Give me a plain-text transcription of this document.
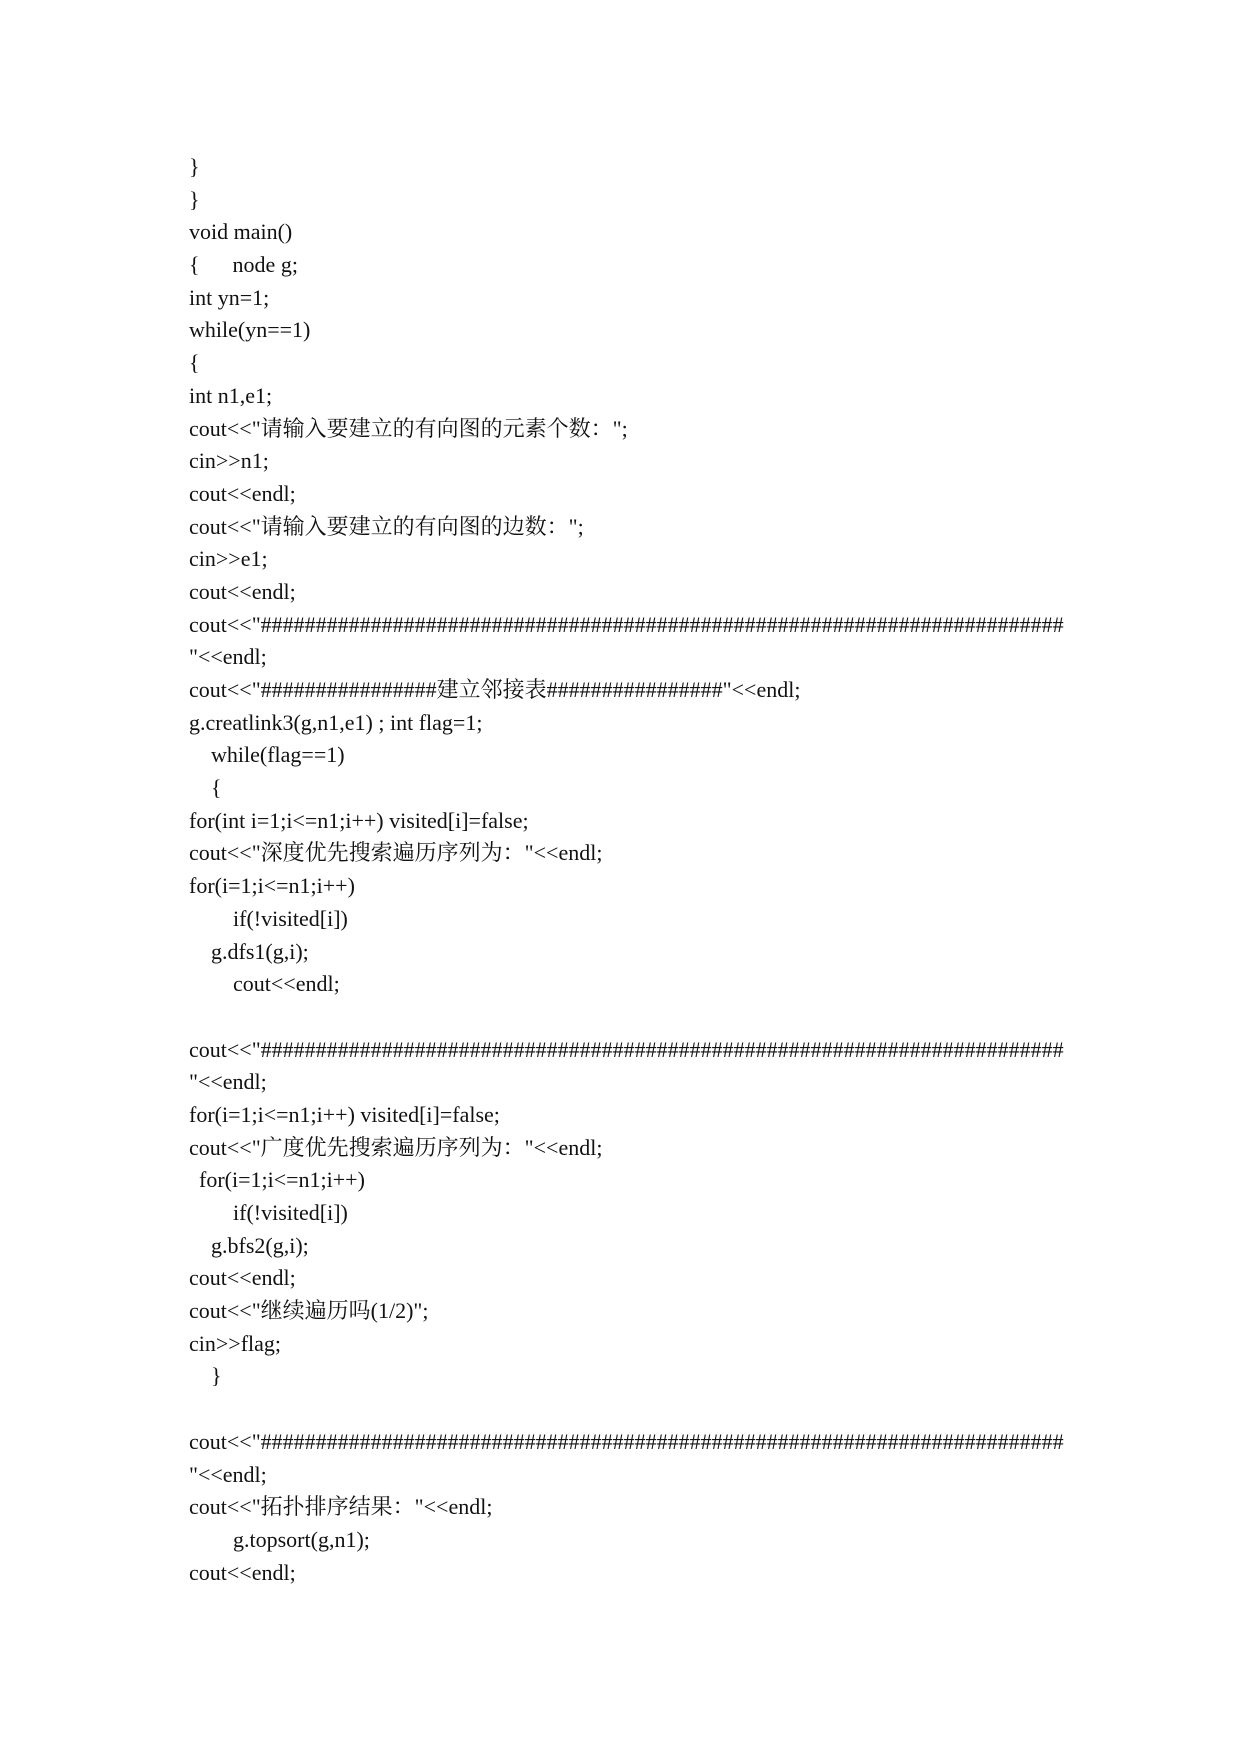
}
}
void main()
{      node g;
int yn=1;
while(yn==1)
{
int n1,e1;
cout<<"请输入要建立的有向图的元素个数：";
cin>>n1;
cout<<endl;
cout<<"请输入要建立的有向图的边数：";
cin>>e1;
cout<<endl;
cout<<"#########################################################################
"<<endl;
cout<<"################建立邻接表################"<<endl;
g.creatlink3(g,n1,e1) ; int flag=1;
while(flag==1)
{
for(int i=1;i<=n1;i++) visited[i]=false;
cout<<"深度优先搜索遍历序列为："<<endl;
for(i=1;i<=n1;i++)
if(!visited[i])
g.dfs1(g,i);
cout<<endl;
cout<<"#########################################################################
"<<endl;
for(i=1;i<=n1;i++) visited[i]=false;
cout<<"广度优先搜索遍历序列为："<<endl;
for(i=1;i<=n1;i++)
if(!visited[i])
g.bfs2(g,i);
cout<<endl;
cout<<"继续遍历吗(1/2)";
cin>>flag;
}
cout<<"#########################################################################
"<<endl;
cout<<"拓扑排序结果："<<endl;
g.topsort(g,n1);
cout<<endl;
